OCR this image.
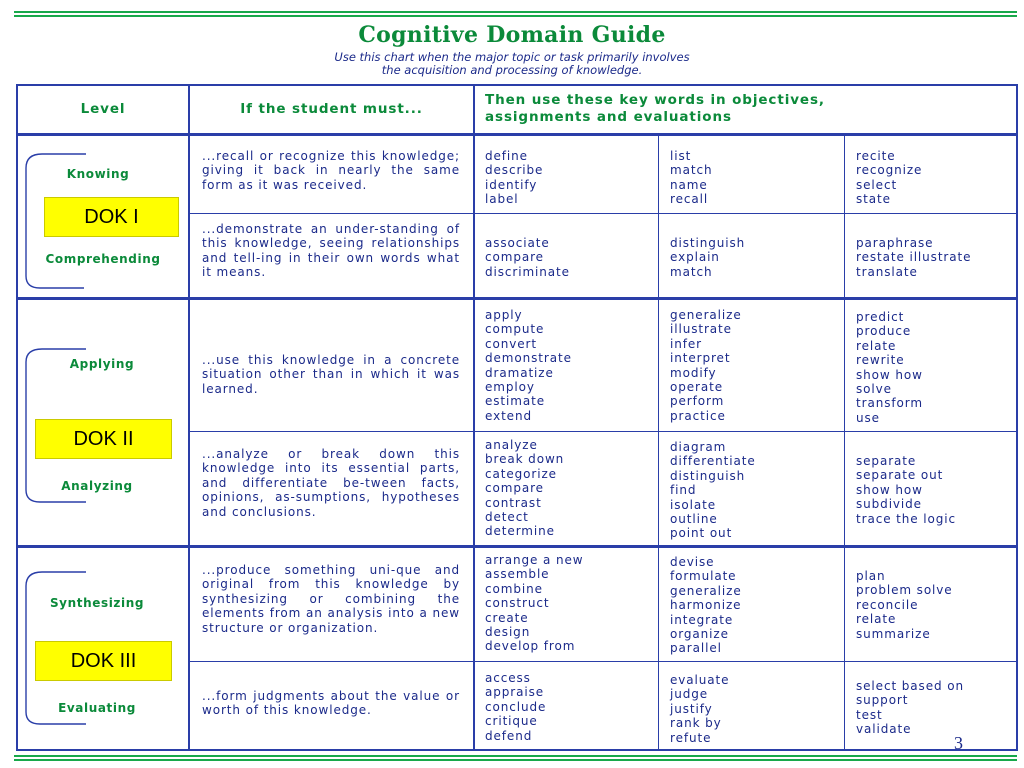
Cognitive Domain Guide
Use this chart when the major topic or task primarily involves
the acquisition and processing of knowledge.
Level	If the student must...
Then use these key words in objectives,
assignments and evaluations
Knowing
Comprehending
Applying
Analyzing
Synthesizing
Evaluating
DOK I
DOK II
DOK III
...recall or recognize this knowledge; giving it back in nearly the same form as it was received.
define
describe
identify
label
list
match
name
recall
recite
recognize
select
state
...demonstrate an under-standing of this knowledge, seeing relationships and tell-ing in their own words what it means.
associate
compare
discriminate
distinguish
explain
match
paraphrase
restate illustrate
translate
...use this knowledge in a concrete situation other than in which it was learned.
apply
compute
convert
demonstrate
dramatize
employ
estimate
extend
generalize
illustrate
infer
interpret
modify
operate
perform
practice
predict
produce
relate
rewrite
show how
solve
transform
use
...analyze or break down this knowledge into its essential parts, and differentiate be-tween facts, opinions, as-sumptions, hypotheses and conclusions.
analyze
break down
categorize
compare
contrast
detect
determine
diagram
differentiate
distinguish
find
isolate
outline
point out
separate
separate out
show how
subdivide
trace the logic
...produce something uni-que and original from this knowledge by synthesizing or combining the elements from an analysis into a new structure or organization.
arrange a new
assemble
combine
construct
create
design
develop from
devise
formulate
generalize
harmonize
integrate
organize
parallel
plan
problem solve
reconcile
relate
summarize
...form judgments about the value or worth of this knowledge.
access
appraise
conclude
critique
defend
evaluate
judge
justify
rank by
refute
select based on
support
test
validate
3
